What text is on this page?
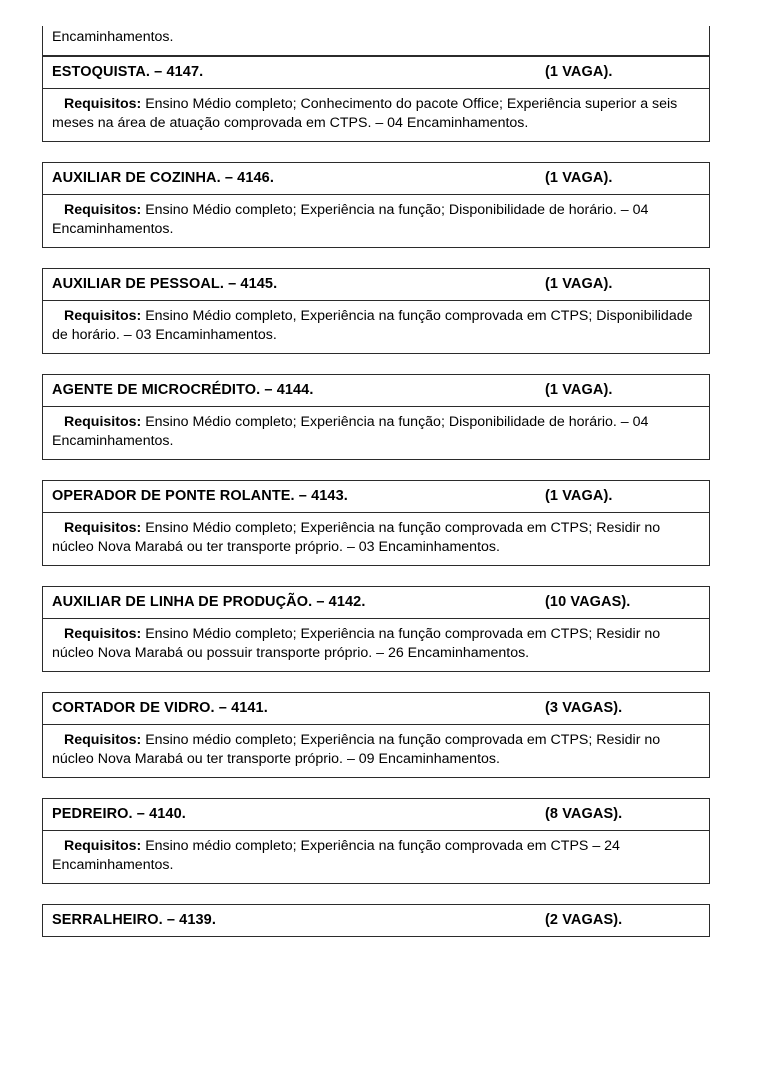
Encaminhamentos.
ESTOQUISTA. – 4147.	(1 VAGA).
Requisitos: Ensino Médio completo; Conhecimento do pacote Office; Experiência superior a seis meses na área de atuação comprovada em CTPS. – 04 Encaminhamentos.
AUXILIAR DE COZINHA. – 4146.	(1 VAGA).
Requisitos: Ensino Médio completo; Experiência na função; Disponibilidade de horário. – 04 Encaminhamentos.
AUXILIAR DE PESSOAL. – 4145.	(1 VAGA).
Requisitos: Ensino Médio completo, Experiência na função comprovada em CTPS; Disponibilidade de horário. – 03 Encaminhamentos.
AGENTE DE MICROCRÉDITO. – 4144.	(1 VAGA).
Requisitos: Ensino Médio completo; Experiência na função; Disponibilidade de horário. – 04 Encaminhamentos.
OPERADOR DE PONTE ROLANTE. – 4143.	(1 VAGA).
Requisitos: Ensino Médio completo; Experiência na função comprovada em CTPS; Residir no núcleo Nova Marabá ou ter transporte próprio. – 03 Encaminhamentos.
AUXILIAR DE LINHA DE PRODUÇÃO. – 4142.	(10 VAGAS).
Requisitos: Ensino Médio completo; Experiência na função comprovada em CTPS; Residir no núcleo Nova Marabá ou possuir transporte próprio. – 26 Encaminhamentos.
CORTADOR DE VIDRO. – 4141.	(3 VAGAS).
Requisitos: Ensino médio completo; Experiência na função comprovada em CTPS; Residir no núcleo Nova Marabá ou ter transporte próprio. – 09 Encaminhamentos.
PEDREIRO. – 4140.	(8 VAGAS).
Requisitos: Ensino médio completo; Experiência na função comprovada em CTPS – 24 Encaminhamentos.
SERRALHEIRO. – 4139.	(2 VAGAS).
